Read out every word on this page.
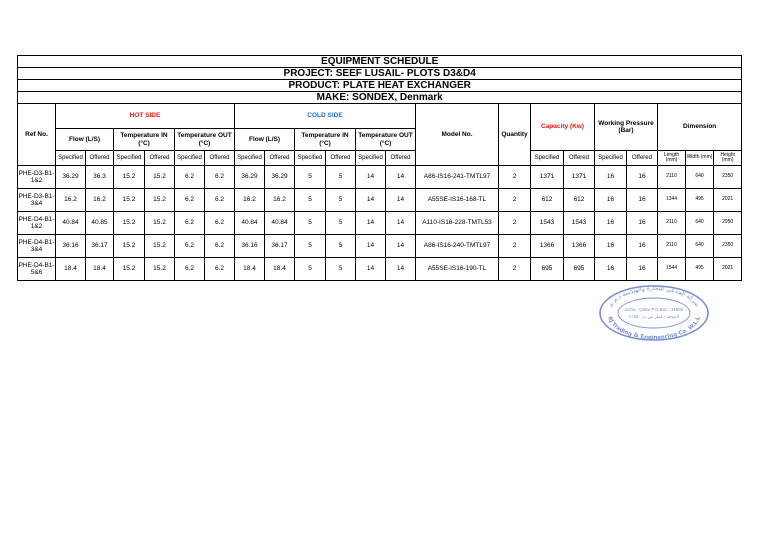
EQUIPMENT SCHEDULE																					
PROJECT: SEEF LUSAIL- PLOTS D3&D4																					
PRODUCT: PLATE HEAT EXCHANGER																					
MAKE: SONDEX, Denmark																					
Ref No.	HOT SIDE						COLD SIDE						Model No.	Quantity	Capacity (Kw)		Working Pressure (Bar)		Dimension		
	Flow (L/S)		Temperature IN (°C)		Temperature OUT (°C)		Flow (L/S)		Temperature IN (°C)		Temperature OUT (°C)										
	Specified	Offered	Specified	Offered	Specified	Offered	Specified	Offered	Specified	Offered	Specified	Offered			Specified	Offered	Specified	Offered	Length (mm)	Width (mm)	Height (mm)
PHE-D3-B1-1&2	36.29	36.3	15.2	15.2	6.2	6.2	36.29	36.29	5	5	14	14	A86-IS16-241-TMTL97	2	1371	1371	16	16	2110	640	2350
PHE-D3-B1-3&4	16.2	16.2	15.2	15.2	6.2	6.2	16.2	16.2	5	5	14	14	A55SE-IS16-168-TL	2	612	612	16	16	1344	495	2021
PHE-D4-B1-1&2	40.84	40.85	15.2	15.2	6.2	6.2	40.84	40.84	5	5	14	14	A110-IS16-228-TMTL53	2	1543	1543	16	16	2110	640	2950
PHE-D4-B1-3&4	36.16	36.17	15.2	15.2	6.2	6.2	36.16	36.17	5	5	14	14	A86-IS16-240-TMTL97	2	1366	1366	16	16	2110	640	2350
PHE-D4-B1-5&6	18.4	18.4	15.2	15.2	6.2	6.2	18.4	18.4	5	5	14	14	A55SE-IS16-190-TL	2	695	695	16	16	1544	495	2021
شركة الجدعي للتجارة والهندسة ذ.م.م
RJ Trading & Engineering Co. W.L.L
Doha - Qatar P.O.Box : 31550
الدوحة - قطر ص.ب ٣١٥٥٠
